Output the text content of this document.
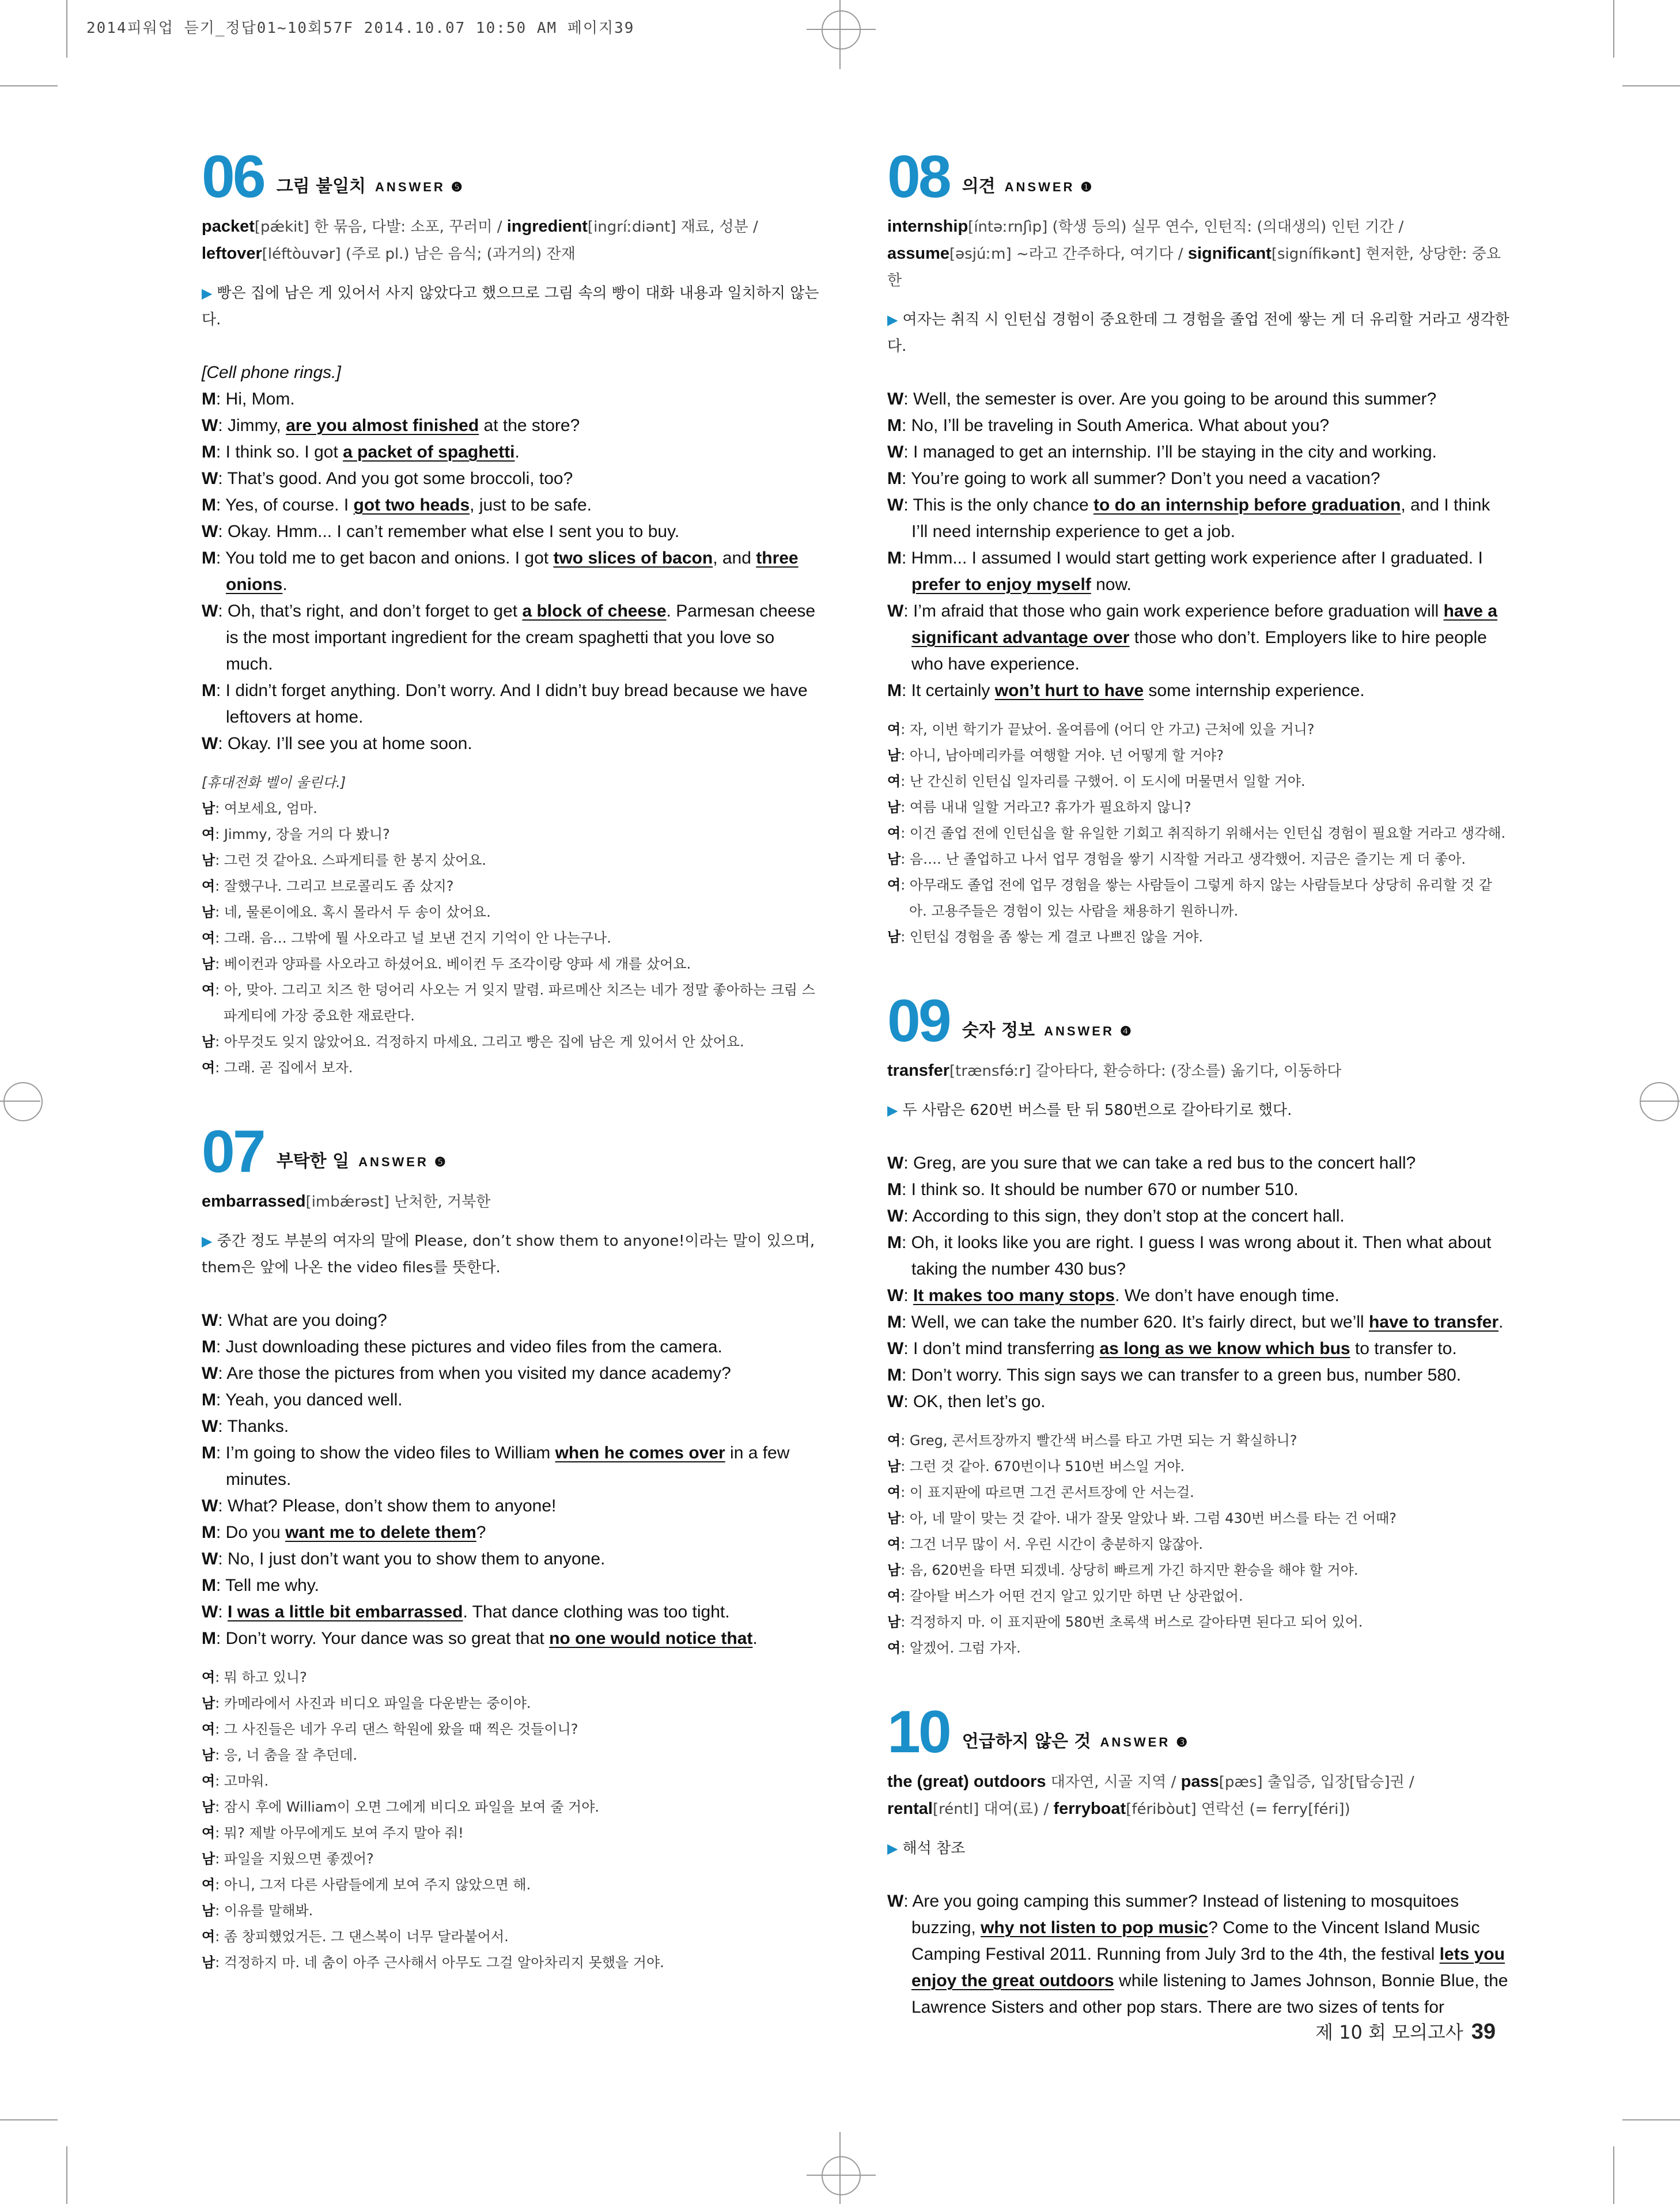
2014피워업 듣기_정답01~10회57F 2014.10.07 10:50 AM 페이지39
06 그림 불일치 ANSWER ❺
packet[pǽkit] 한 묶음, 다발: 소포, 꾸러미 / ingredient[ingríːdiənt] 재료, 성분 / leftover[léftòuvər] (주로 pl.) 남은 음식; (과거의) 잔재
▶ 빵은 집에 남은 게 있어서 사지 않았다고 했으므로 그림 속의 빵이 대화 내용과 일치하지 않는다.
[Cell phone rings.]
M: Hi, Mom.
W: Jimmy, are you almost finished at the store?
M: I think so. I got a packet of spaghetti.
W: That’s good. And you got some broccoli, too?
M: Yes, of course. I got two heads, just to be safe.
W: Okay. Hmm... I can’t remember what else I sent you to buy.
M: You told me to get bacon and onions. I got two slices of bacon, and three onions.
W: Oh, that’s right, and don’t forget to get a block of cheese. Parmesan cheese is the most important ingredient for the cream spaghetti that you love so much.
M: I didn’t forget anything. Don’t worry. And I didn’t buy bread because we have leftovers at home.
W: Okay. I’ll see you at home soon.
[휴대전화 벨이 울린다.]
남: 여보세요, 엄마.
여: Jimmy, 장을 거의 다 봤니?
남: 그런 것 같아요. 스파게티를 한 봉지 샀어요.
여: 잘했구나. 그리고 브로콜리도 좀 샀지?
남: 네, 물론이에요. 혹시 몰라서 두 송이 샀어요.
여: 그래. 음… 그밖에 뭘 사오라고 널 보낸 건지 기억이 안 나는구나.
남: 베이컨과 양파를 사오라고 하셨어요. 베이컨 두 조각이랑 양파 세 개를 샀어요.
여: 아, 맞아. 그리고 치즈 한 덩어리 사오는 거 잊지 말렴. 파르메산 치즈는 네가 정말 좋아하는 크림 스파게티에 가장 중요한 재료란다.
남: 아무것도 잊지 않았어요. 걱정하지 마세요. 그리고 빵은 집에 남은 게 있어서 안 샀어요.
여: 그래. 곧 집에서 보자.
07 부탁한 일 ANSWER ❺
embarrassed[imbǽrəst] 난처한, 거북한
▶ 중간 정도 부분의 여자의 말에 Please, don’t show them to anyone!이라는 말이 있으며, them은 앞에 나온 the video files를 뜻한다.
W: What are you doing?
M: Just downloading these pictures and video files from the camera.
W: Are those the pictures from when you visited my dance academy?
M: Yeah, you danced well.
W: Thanks.
M: I’m going to show the video files to William when he comes over in a few minutes.
W: What? Please, don’t show them to anyone!
M: Do you want me to delete them?
W: No, I just don’t want you to show them to anyone.
M: Tell me why.
W: I was a little bit embarrassed. That dance clothing was too tight.
M: Don’t worry. Your dance was so great that no one would notice that.
여: 뭐 하고 있니?
남: 카메라에서 사진과 비디오 파일을 다운받는 중이야.
여: 그 사진들은 네가 우리 댄스 학원에 왔을 때 찍은 것들이니?
남: 응, 너 춤을 잘 추던데.
여: 고마워.
남: 잠시 후에 William이 오면 그에게 비디오 파일을 보여 줄 거야.
여: 뭐? 제발 아무에게도 보여 주지 말아 줘!
남: 파일을 지웠으면 좋겠어?
여: 아니, 그저 다른 사람들에게 보여 주지 않았으면 해.
남: 이유를 말해봐.
여: 좀 창피했었거든. 그 댄스복이 너무 달라붙어서.
남: 걱정하지 마. 네 춤이 아주 근사해서 아무도 그걸 알아차리지 못했을 거야.
08 의견 ANSWER ❶
internship[íntəːrnʃìp] (학생 등의) 실무 연수, 인턴직: (의대생의) 인턴 기간 / assume[əsjúːm] ~라고 간주하다, 여기다 / significant[signífikənt] 현저한, 상당한: 중요한
▶ 여자는 취직 시 인턴십 경험이 중요한데 그 경험을 졸업 전에 쌓는 게 더 유리할 거라고 생각한다.
W: Well, the semester is over. Are you going to be around this summer?
M: No, I’ll be traveling in South America. What about you?
W: I managed to get an internship. I’ll be staying in the city and working.
M: You’re going to work all summer? Don’t you need a vacation?
W: This is the only chance to do an internship before graduation, and I think I’ll need internship experience to get a job.
M: Hmm... I assumed I would start getting work experience after I graduated. I prefer to enjoy myself now.
W: I’m afraid that those who gain work experience before graduation will have a significant advantage over those who don’t. Employers like to hire people who have experience.
M: It certainly won’t hurt to have some internship experience.
여: 자, 이번 학기가 끝났어. 올여름에 (어디 안 가고) 근처에 있을 거니?
남: 아니, 남아메리카를 여행할 거야. 넌 어떻게 할 거야?
여: 난 간신히 인턴십 일자리를 구했어. 이 도시에 머물면서 일할 거야.
남: 여름 내내 일할 거라고? 휴가가 필요하지 않니?
여: 이건 졸업 전에 인턴십을 할 유일한 기회고 취직하기 위해서는 인턴십 경험이 필요할 거라고 생각해.
남: 음…. 난 졸업하고 나서 업무 경험을 쌓기 시작할 거라고 생각했어. 지금은 즐기는 게 더 좋아.
여: 아무래도 졸업 전에 업무 경험을 쌓는 사람들이 그렇게 하지 않는 사람들보다 상당히 유리할 것 같아. 고용주들은 경험이 있는 사람을 채용하기 원하니까.
남: 인턴십 경험을 좀 쌓는 게 결코 나쁘진 않을 거야.
09 숫자 정보 ANSWER ❹
transfer[trænsfə́ːr] 갈아타다, 환승하다: (장소를) 옮기다, 이동하다
▶ 두 사람은 620번 버스를 탄 뒤 580번으로 갈아타기로 했다.
W: Greg, are you sure that we can take a red bus to the concert hall?
M: I think so. It should be number 670 or number 510.
W: According to this sign, they don’t stop at the concert hall.
M: Oh, it looks like you are right. I guess I was wrong about it. Then what about taking the number 430 bus?
W: It makes too many stops. We don’t have enough time.
M: Well, we can take the number 620. It’s fairly direct, but we’ll have to transfer.
W: I don’t mind transferring as long as we know which bus to transfer to.
M: Don’t worry. This sign says we can transfer to a green bus, number 580.
W: OK, then let’s go.
여: Greg, 콘서트장까지 빨간색 버스를 타고 가면 되는 거 확실하니?
남: 그런 것 같아. 670번이나 510번 버스일 거야.
여: 이 표지판에 따르면 그건 콘서트장에 안 서는걸.
남: 아, 네 말이 맞는 것 같아. 내가 잘못 알았나 봐. 그럼 430번 버스를 타는 건 어때?
여: 그건 너무 많이 서. 우린 시간이 충분하지 않잖아.
남: 음, 620번을 타면 되겠네. 상당히 빠르게 가긴 하지만 환승을 해야 할 거야.
여: 갈아탈 버스가 어떤 건지 알고 있기만 하면 난 상관없어.
남: 걱정하지 마. 이 표지판에 580번 초록색 버스로 갈아타면 된다고 되어 있어.
여: 알겠어. 그럼 가자.
10 언급하지 않은 것 ANSWER ❸
the (great) outdoors 대자연, 시골 지역 / pass[pæs] 출입증, 입장[탑승]권 / rental[réntl] 대여(료) / ferryboat[féribòut] 연락선 (= ferry[féri])
▶ 해석 참조
W: Are you going camping this summer? Instead of listening to mosquitoes buzzing, why not listen to pop music? Come to the Vincent Island Music Camping Festival 2011. Running from July 3rd to the 4th, the festival lets you enjoy the great outdoors while listening to James Johnson, Bonnie Blue, the Lawrence Sisters and other pop stars. There are two sizes of tents for
제 10 회 모의고사 39
